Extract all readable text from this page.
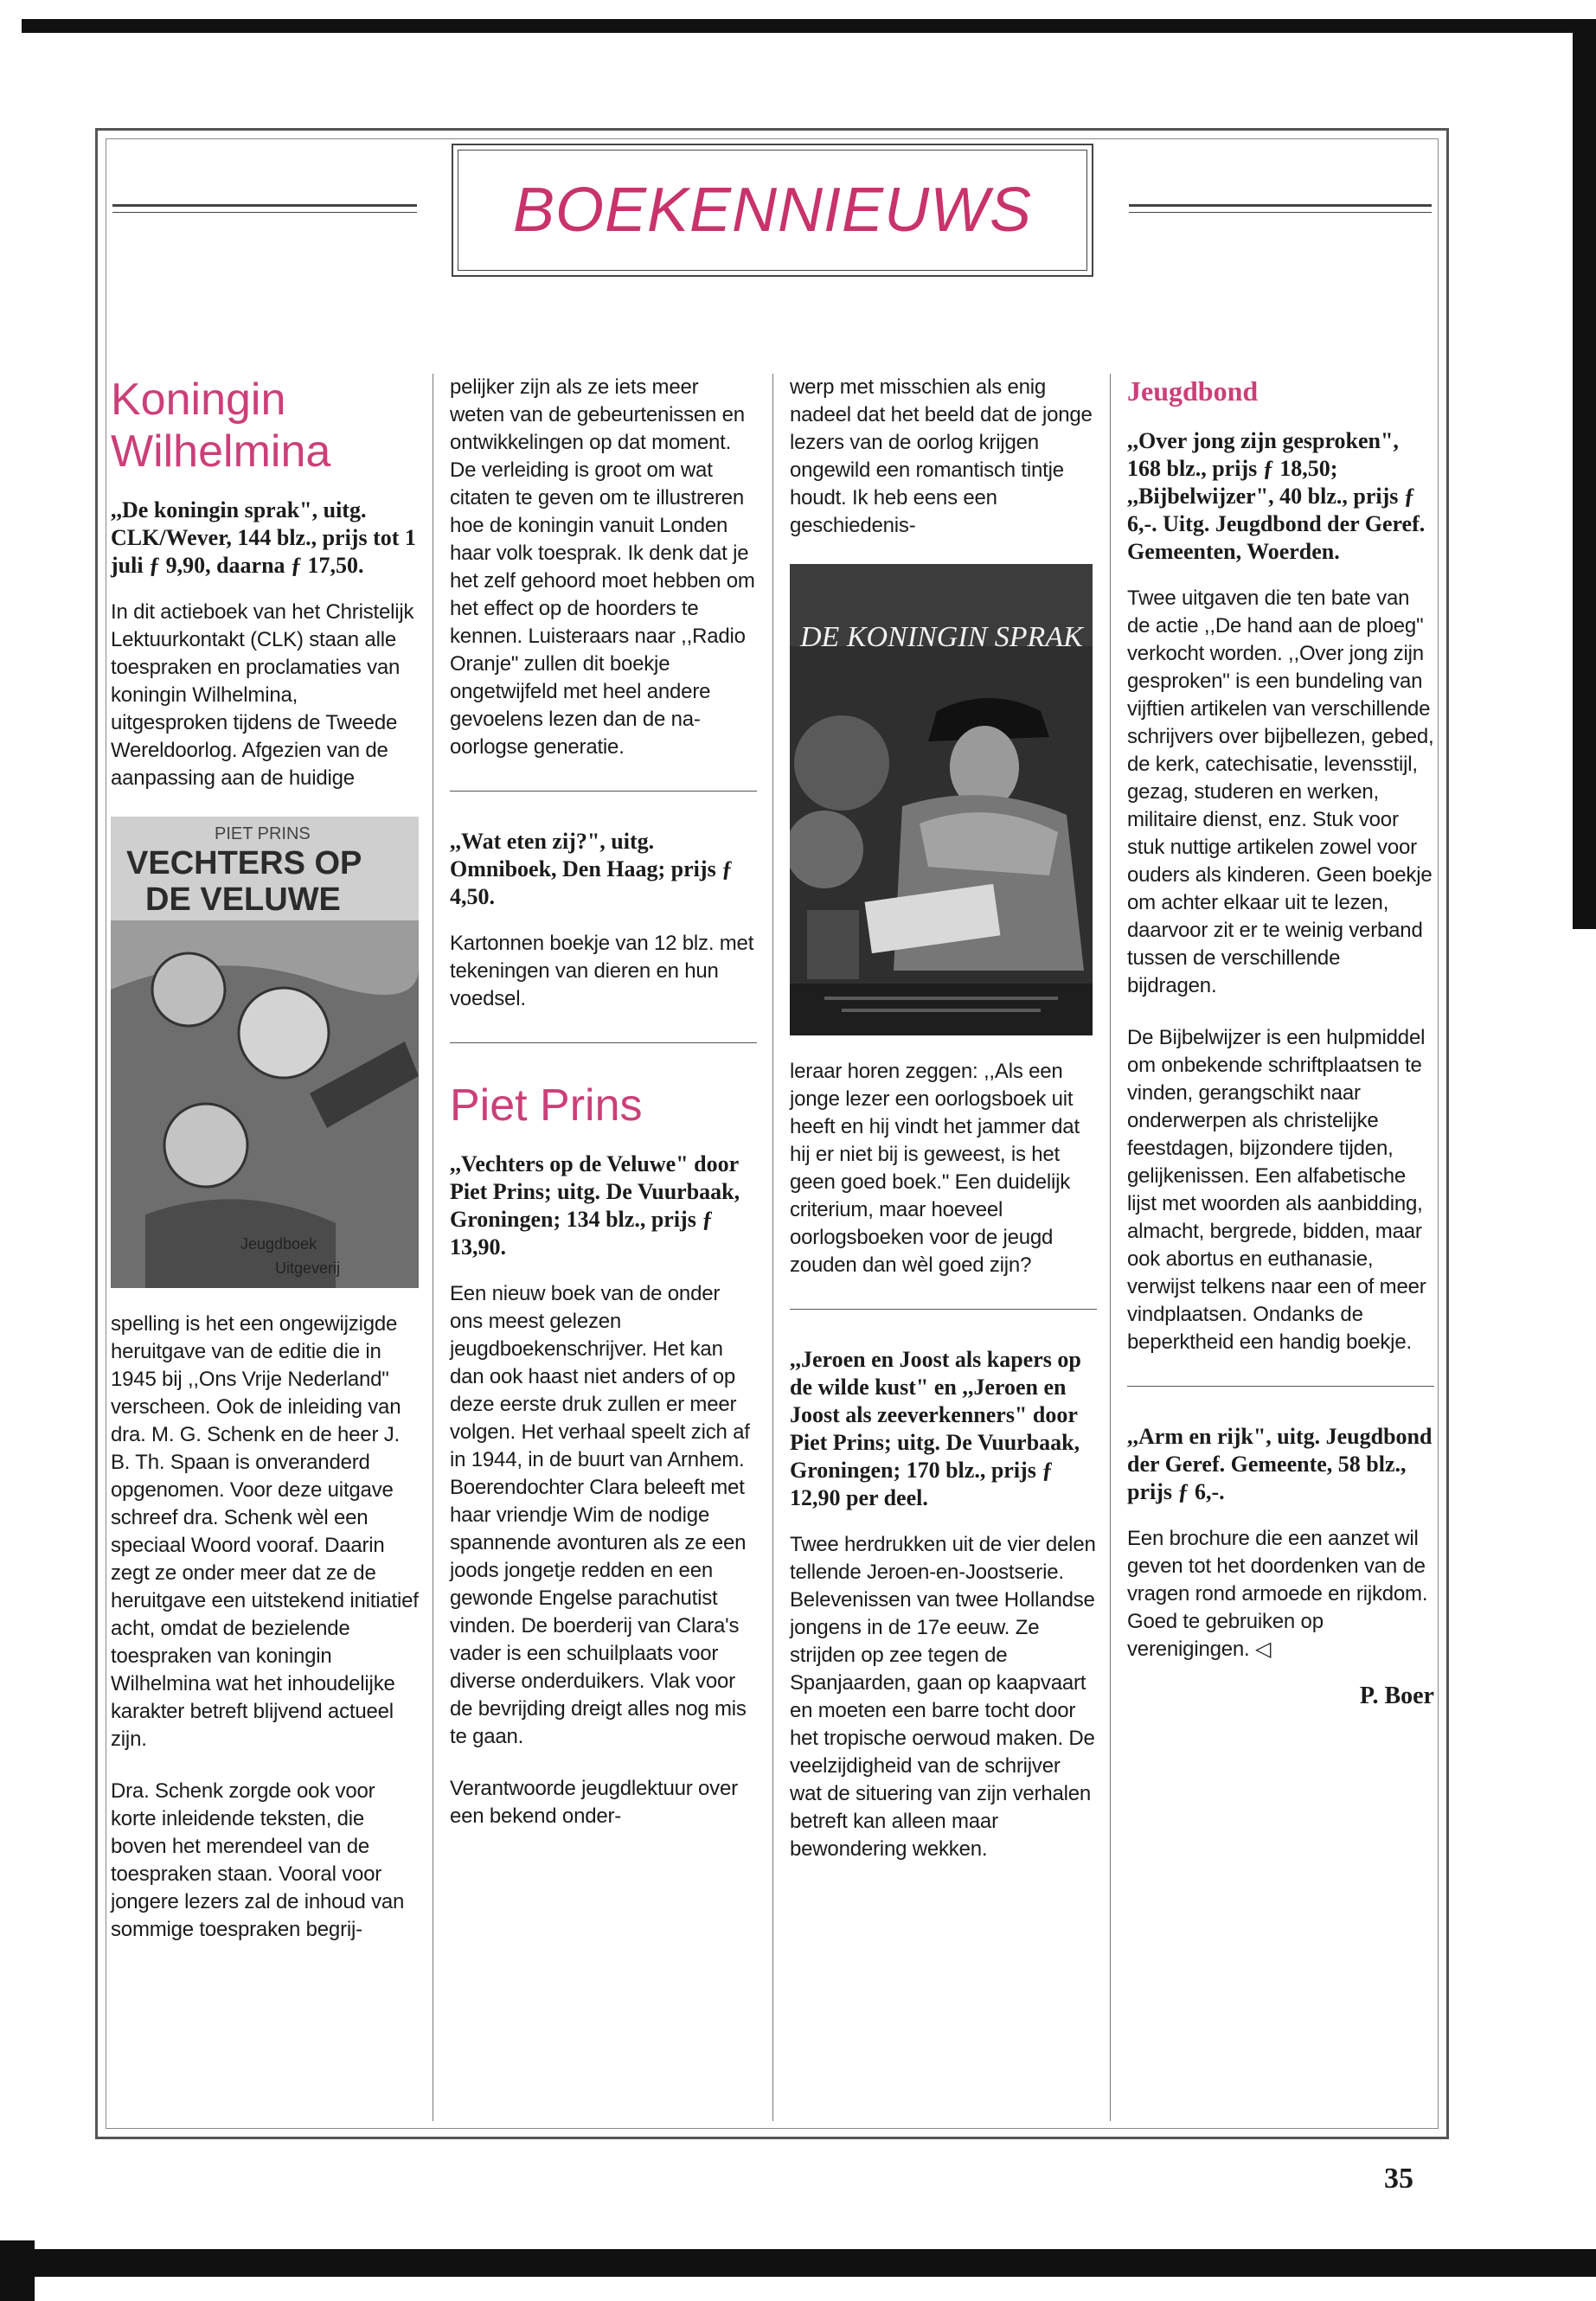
BOEKENNIEUWS
Koningin Wilhelmina

,,De koningin sprak", uitg. CLK/Wever, 144 blz., prijs tot 1 juli ƒ 9,90, daarna ƒ 17,50.

In dit actieboek van het Christelijk Lektuurkontakt (CLK) staan alle toespraken en proclamaties van koningin Wilhelmina, uitgesproken tijdens de Tweede Wereldoorlog. Afgezien van de aanpassing aan de huidige

PIET PRINS
VECHTERS OP
DE VELUWE
Jeugdboek
Uitgeverij

spelling is het een ongewijzigde heruitgave van de editie die in 1945 bij ,,Ons Vrije Nederland" verscheen. Ook de inleiding van dra. M. G. Schenk en de heer J. B. Th. Spaan is onveranderd opgenomen. Voor deze uitgave schreef dra. Schenk wèl een speciaal Woord vooraf. Daarin zegt ze onder meer dat ze de heruitgave een uitstekend initiatief acht, omdat de bezielende toespraken van koningin Wilhelmina wat het inhoudelijke karakter betreft blijvend actueel zijn.

Dra. Schenk zorgde ook voor korte inleidende teksten, die boven het merendeel van de toespraken staan. Vooral voor jongere lezers zal de inhoud van sommige toespraken begrij-

pelijker zijn als ze iets meer weten van de gebeurtenissen en ontwikkelingen op dat moment.

De verleiding is groot om wat citaten te geven om te illustreren hoe de koningin vanuit Londen haar volk toesprak. Ik denk dat je het zelf gehoord moet hebben om het effect op de hoorders te kennen. Luisteraars naar ,,Radio Oranje" zullen dit boekje ongetwijfeld met heel andere gevoelens lezen dan de na-oorlogse generatie.

,,Wat eten zij?", uitg. Omniboek, Den Haag; prijs ƒ 4,50.

Kartonnen boekje van 12 blz. met tekeningen van dieren en hun voedsel.

Piet Prins

,,Vechters op de Veluwe" door Piet Prins; uitg. De Vuurbaak, Groningen; 134 blz., prijs ƒ 13,90.

Een nieuw boek van de onder ons meest gelezen jeugdboekenschrijver. Het kan dan ook haast niet anders of op deze eerste druk zullen er meer volgen. Het verhaal speelt zich af in 1944, in de buurt van Arnhem. Boerendochter Clara beleeft met haar vriendje Wim de nodige spannende avonturen als ze een joods jongetje redden en een gewonde Engelse parachutist vinden. De boerderij van Clara's vader is een schuilplaats voor diverse onderduikers. Vlak voor de bevrijding dreigt alles nog mis te gaan.

Verantwoorde jeugdlektuur over een bekend onder-

werp met misschien als enig nadeel dat het beeld dat de jonge lezers van de oorlog krijgen ongewild een romantisch tintje houdt. Ik heb eens een geschiedenis-

DE KONINGIN SPRAK

leraar horen zeggen: ,,Als een jonge lezer een oorlogsboek uit heeft en hij vindt het jammer dat hij er niet bij is geweest, is het geen goed boek." Een duidelijk criterium, maar hoeveel oorlogsboeken voor de jeugd zouden dan wèl goed zijn?

,,Jeroen en Joost als kapers op de wilde kust" en ,,Jeroen en Joost als zeeverkenners" door Piet Prins; uitg. De Vuurbaak, Groningen; 170 blz., prijs ƒ 12,90 per deel.

Twee herdrukken uit de vier delen tellende Jeroen-en-Joostserie. Belevenissen van twee Hollandse jongens in de 17e eeuw. Ze strijden op zee tegen de Spanjaarden, gaan op kaapvaart en moeten een barre tocht door het tropische oerwoud maken. De veelzijdigheid van de schrijver wat de situering van zijn verhalen betreft kan alleen maar bewondering wekken.

Jeugdbond

,,Over jong zijn gesproken", 168 blz., prijs ƒ 18,50; ,,Bijbelwijzer", 40 blz., prijs ƒ 6,-. Uitg. Jeugdbond der Geref. Gemeenten, Woerden.

Twee uitgaven die ten bate van de actie ,,De hand aan de ploeg" verkocht worden. ,,Over jong zijn gesproken" is een bundeling van vijftien artikelen van verschillende schrijvers over bijbellezen, gebed, de kerk, catechisatie, levensstijl, gezag, studeren en werken, militaire dienst, enz. Stuk voor stuk nuttige artikelen zowel voor ouders als kinderen. Geen boekje om achter elkaar uit te lezen, daarvoor zit er te weinig verband tussen de verschillende bijdragen.

De Bijbelwijzer is een hulpmiddel om onbekende schriftplaatsen te vinden, gerangschikt naar onderwerpen als christelijke feestdagen, bijzondere tijden, gelijkenissen. Een alfabetische lijst met woorden als aanbidding, almacht, bergrede, bidden, maar ook abortus en euthanasie, verwijst telkens naar een of meer vindplaatsen. Ondanks de beperktheid een handig boekje.

,,Arm en rijk", uitg. Jeugdbond der Geref. Gemeente, 58 blz., prijs ƒ 6,-.

Een brochure die een aanzet wil geven tot het doordenken van de vragen rond armoede en rijkdom. Goed te gebruiken op verenigingen. ◁

P. Boer
35
